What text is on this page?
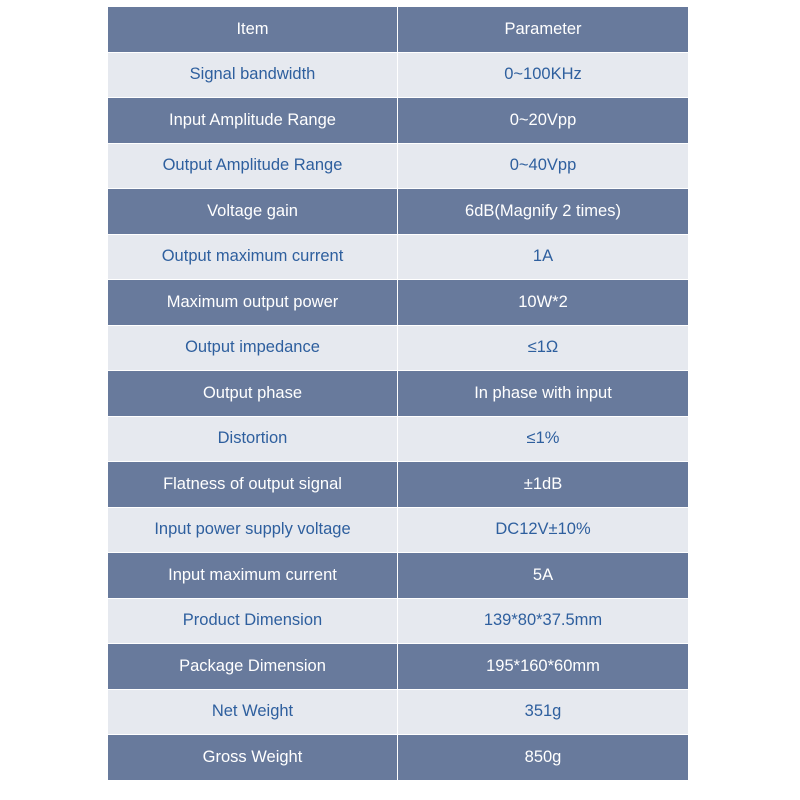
Item	Parameter
Signal bandwidth	0~100KHz
Input Amplitude Range	0~20Vpp
Output Amplitude Range	0~40Vpp
Voltage gain	6dB(Magnify 2 times)
Output maximum current	1A
Maximum output power	10W*2
Output impedance	≤1Ω
Output phase	In phase with input
Distortion	≤1%
Flatness of output signal	±1dB
Input power supply voltage	DC12V±10%
Input maximum current	5A
Product Dimension	139*80*37.5mm
Package Dimension	195*160*60mm
Net Weight	351g
Gross Weight	850g
